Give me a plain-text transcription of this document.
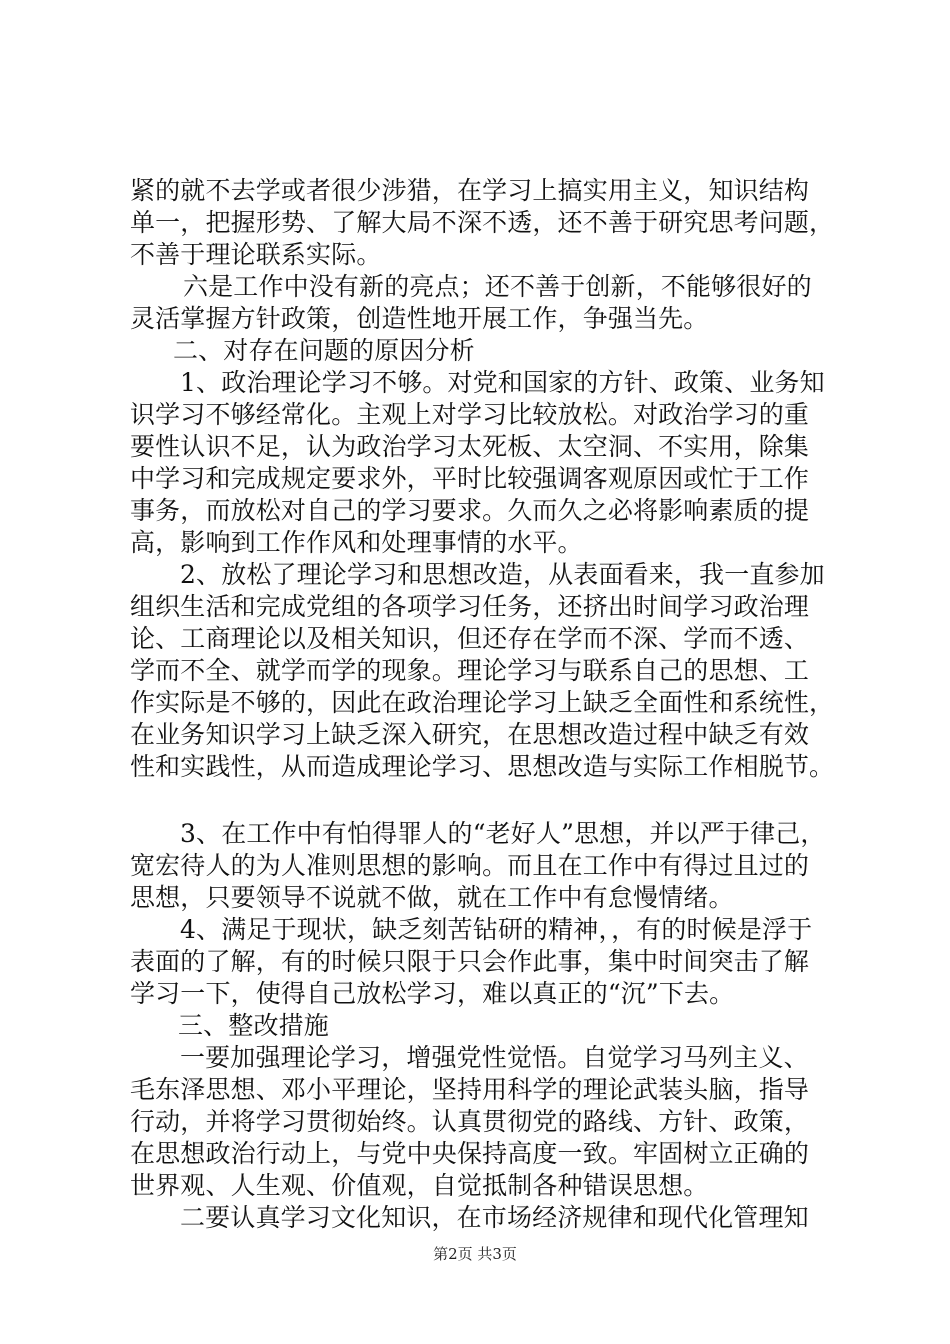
紧的就不去学或者很少涉猎，在学习上搞实用主义，知识结构
单一，把握形势、了解大局不深不透，还不善于研究思考问题，
不善于理论联系实际。
六是工作中没有新的亮点；还不善于创新，不能够很好的
灵活掌握方针政策，创造性地开展工作，争强当先。
二、对存在问题的原因分析
1、政治理论学习不够。对党和国家的方针、政策、业务知
识学习不够经常化。主观上对学习比较放松。对政治学习的重
要性认识不足，认为政治学习太死板、太空洞、不实用，除集
中学习和完成规定要求外，平时比较强调客观原因或忙于工作
事务，而放松对自己的学习要求。久而久之必将影响素质的提
高，影响到工作作风和处理事情的水平。
2、放松了理论学习和思想改造，从表面看来，我一直参加
组织生活和完成党组的各项学习任务，还挤出时间学习政治理
论、工商理论以及相关知识，但还存在学而不深、学而不透、
学而不全、就学而学的现象。理论学习与联系自己的思想、工
作实际是不够的，因此在政治理论学习上缺乏全面性和系统性，
在业务知识学习上缺乏深入研究，在思想改造过程中缺乏有效
性和实践性，从而造成理论学习、思想改造与实际工作相脱节。
3、在工作中有怕得罪人的“老好人”思想，并以严于律己，
宽宏待人的为人准则思想的影响。而且在工作中有得过且过的
思想，只要领导不说就不做，就在工作中有怠慢情绪。
4、满足于现状，缺乏刻苦钻研的精神，，有的时候是浮于
表面的了解，有的时候只限于只会作此事，集中时间突击了解
学习一下，使得自己放松学习，难以真正的“沉”下去。
三、整改措施
一要加强理论学习，增强党性觉悟。自觉学习马列主义、
毛东泽思想、邓小平理论，坚持用科学的理论武装头脑，指导
行动，并将学习贯彻始终。认真贯彻党的路线、方针、政策，
在思想政治行动上，与党中央保持高度一致。牢固树立正确的
世界观、人生观、价值观，自觉抵制各种错误思想。
二要认真学习文化知识，在市场经济规律和现代化管理知
第2页 共3页
